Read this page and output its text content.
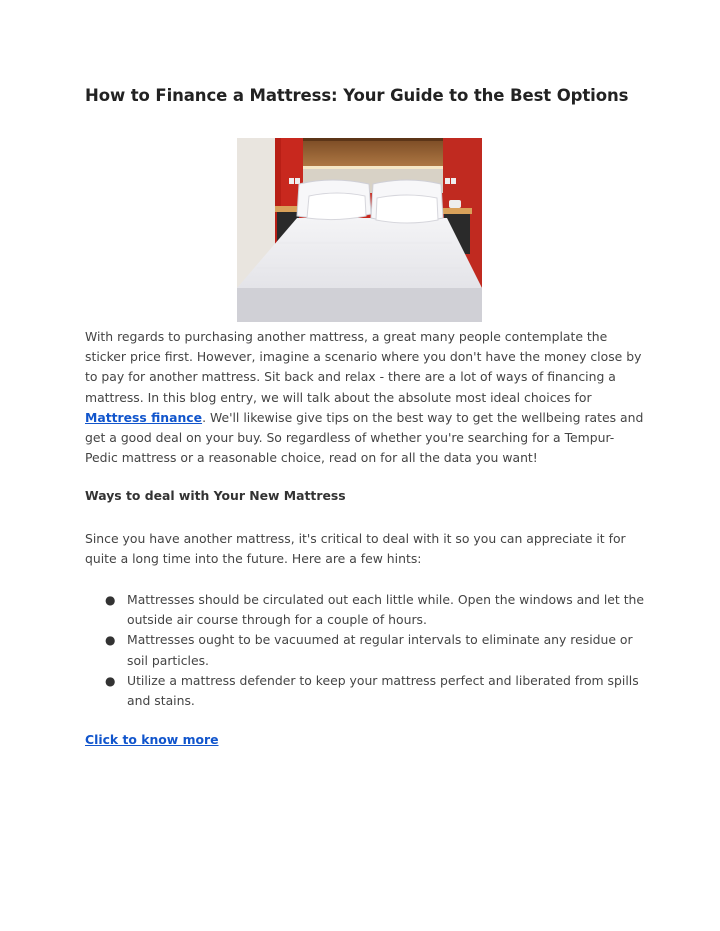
How to Finance a Mattress: Your Guide to the Best Options

With regards to purchasing another mattress, a great many people contemplate the sticker price first. However, imagine a scenario where you don't have the money close by to pay for another mattress. Sit back and relax - there are a lot of ways of financing a mattress. In this blog entry, we will talk about the absolute most ideal choices for Mattress finance. We'll likewise give tips on the best way to get the wellbeing rates and get a good deal on your buy. So regardless of whether you're searching for a Tempur-Pedic mattress or a reasonable choice, read on for all the data you want!

Ways to deal with Your New Mattress

Since you have another mattress, it's critical to deal with it so you can appreciate it for quite a long time into the future. Here are a few hints:

● Mattresses should be circulated out each little while. Open the windows and let the outside air course through for a couple of hours.
● Mattresses ought to be vacuumed at regular intervals to eliminate any residue or soil particles.
● Utilize a mattress defender to keep your mattress perfect and liberated from spills and stains.
Click to know more
